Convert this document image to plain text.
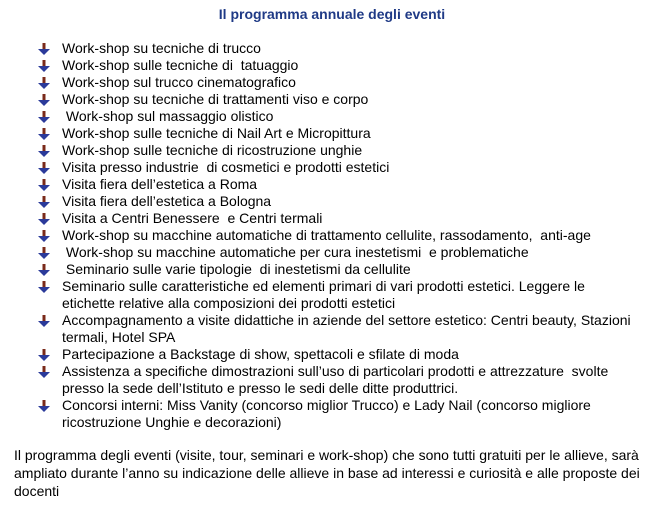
Il programma annuale degli eventi
Work-shop su tecniche di trucco
Work-shop sulle tecniche di  tatuaggio
Work-shop sul trucco cinematografico
Work-shop su tecniche di trattamenti viso e corpo
Work-shop sul massaggio olistico
Work-shop sulle tecniche di Nail Art e Micropittura
Work-shop sulle tecniche di ricostruzione unghie
Visita presso industrie  di cosmetici e prodotti estetici
Visita fiera dell’estetica a Roma
Visita fiera dell’estetica a Bologna
Visita a Centri Benessere  e Centri termali
Work-shop su macchine automatiche di trattamento cellulite, rassodamento,  anti-age
Work-shop su macchine automatiche per cura inestetismi  e problematiche
Seminario sulle varie tipologie  di inestetismi da cellulite
Seminario sulle caratteristiche ed elementi primari di vari prodotti estetici. Leggere le etichette relative alla composizioni dei prodotti estetici
Accompagnamento a visite didattiche in aziende del settore estetico: Centri beauty, Stazioni termali, Hotel SPA
Partecipazione a Backstage di show, spettacoli e sfilate di moda
Assistenza a specifiche dimostrazioni sull’uso di particolari prodotti e attrezzature  svolte presso la sede dell’Istituto e presso le sedi delle ditte produttrici.
Concorsi interni: Miss Vanity (concorso miglior Trucco) e Lady Nail (concorso migliore ricostruzione Unghie e decorazioni)
Il programma degli eventi (visite, tour, seminari e work-shop) che sono tutti gratuiti per le allieve, sarà ampliato durante l’anno su indicazione delle allieve in base ad interessi e curiosità e alle proposte dei docenti
